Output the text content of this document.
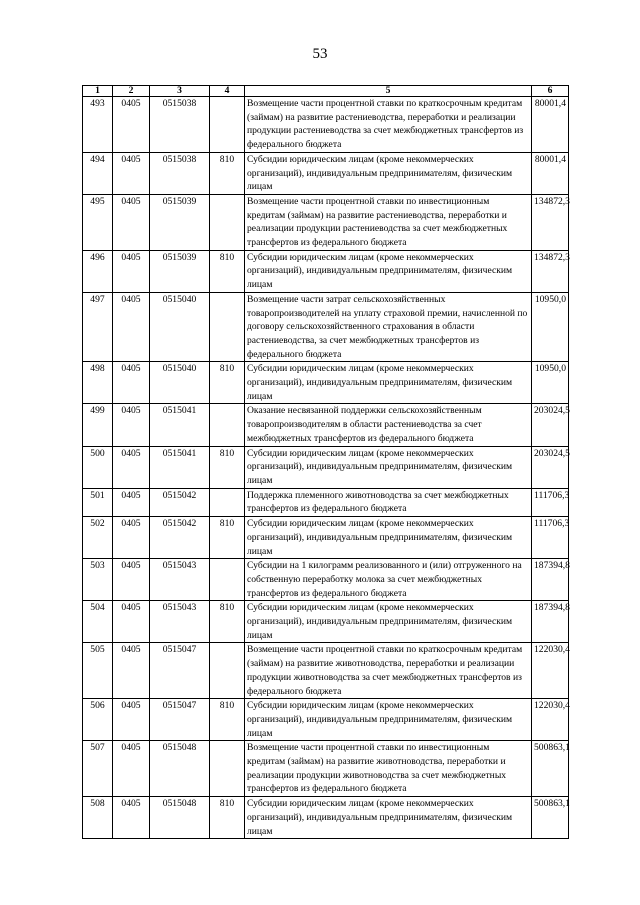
53
1	2	3	4	5	6
493	0405	0515038		Возмещение части процентной ставки по краткосрочным кредитам (займам) на развитие растениеводства, переработки и реализации продукции растениеводства за счет межбюджетных трансфертов из федерального бюджета	80001,4
494	0405	0515038	810	Субсидии юридическим лицам (кроме некоммерческих организаций), индивидуальным предпринимателям, физическим лицам	80001,4
495	0405	0515039		Возмещение части процентной ставки по инвестиционным кредитам (займам) на развитие растениеводства, переработки и реализации продукции растениеводства за счет межбюджетных трансфертов из федерального бюджета	134872,3
496	0405	0515039	810	Субсидии юридическим лицам (кроме некоммерческих организаций), индивидуальным предпринимателям, физическим лицам	134872,3
497	0405	0515040		Возмещение части затрат сельскохозяйственных товаропроизводителей на уплату страховой премии, начисленной по договору сельскохозяйственного страхования в области растениеводства, за счет межбюджетных трансфертов из федерального бюджета	10950,0
498	0405	0515040	810	Субсидии юридическим лицам (кроме некоммерческих организаций), индивидуальным предпринимателям, физическим лицам	10950,0
499	0405	0515041		Оказание несвязанной поддержки сельскохозяйственным товаропроизводителям в области растениеводства за счет межбюджетных трансфертов из федерального бюджета	203024,5
500	0405	0515041	810	Субсидии юридическим лицам (кроме некоммерческих организаций), индивидуальным предпринимателям, физическим лицам	203024,5
501	0405	0515042		Поддержка племенного животноводства за счет межбюджетных трансфертов из федерального бюджета	111706,3
502	0405	0515042	810	Субсидии юридическим лицам (кроме некоммерческих организаций), индивидуальным предпринимателям, физическим лицам	111706,3
503	0405	0515043		Субсидии на 1 килограмм реализованного и (или) отгруженного на собственную переработку молока за счет межбюджетных трансфертов из федерального бюджета	187394,8
504	0405	0515043	810	Субсидии юридическим лицам (кроме некоммерческих организаций), индивидуальным предпринимателям, физическим лицам	187394,8
505	0405	0515047		Возмещение части процентной ставки по краткосрочным кредитам (займам) на развитие животноводства, переработки и реализации продукции животноводства за счет межбюджетных трансфертов из федерального бюджета	122030,4
506	0405	0515047	810	Субсидии юридическим лицам (кроме некоммерческих организаций), индивидуальным предпринимателям, физическим лицам	122030,4
507	0405	0515048		Возмещение части процентной ставки по инвестиционным кредитам (займам) на развитие животноводства, переработки и реализации продукции животноводства за счет межбюджетных трансфертов из федерального бюджета	500863,1
508	0405	0515048	810	Субсидии юридическим лицам (кроме некоммерческих организаций), индивидуальным предпринимателям, физическим лицам	500863,1
